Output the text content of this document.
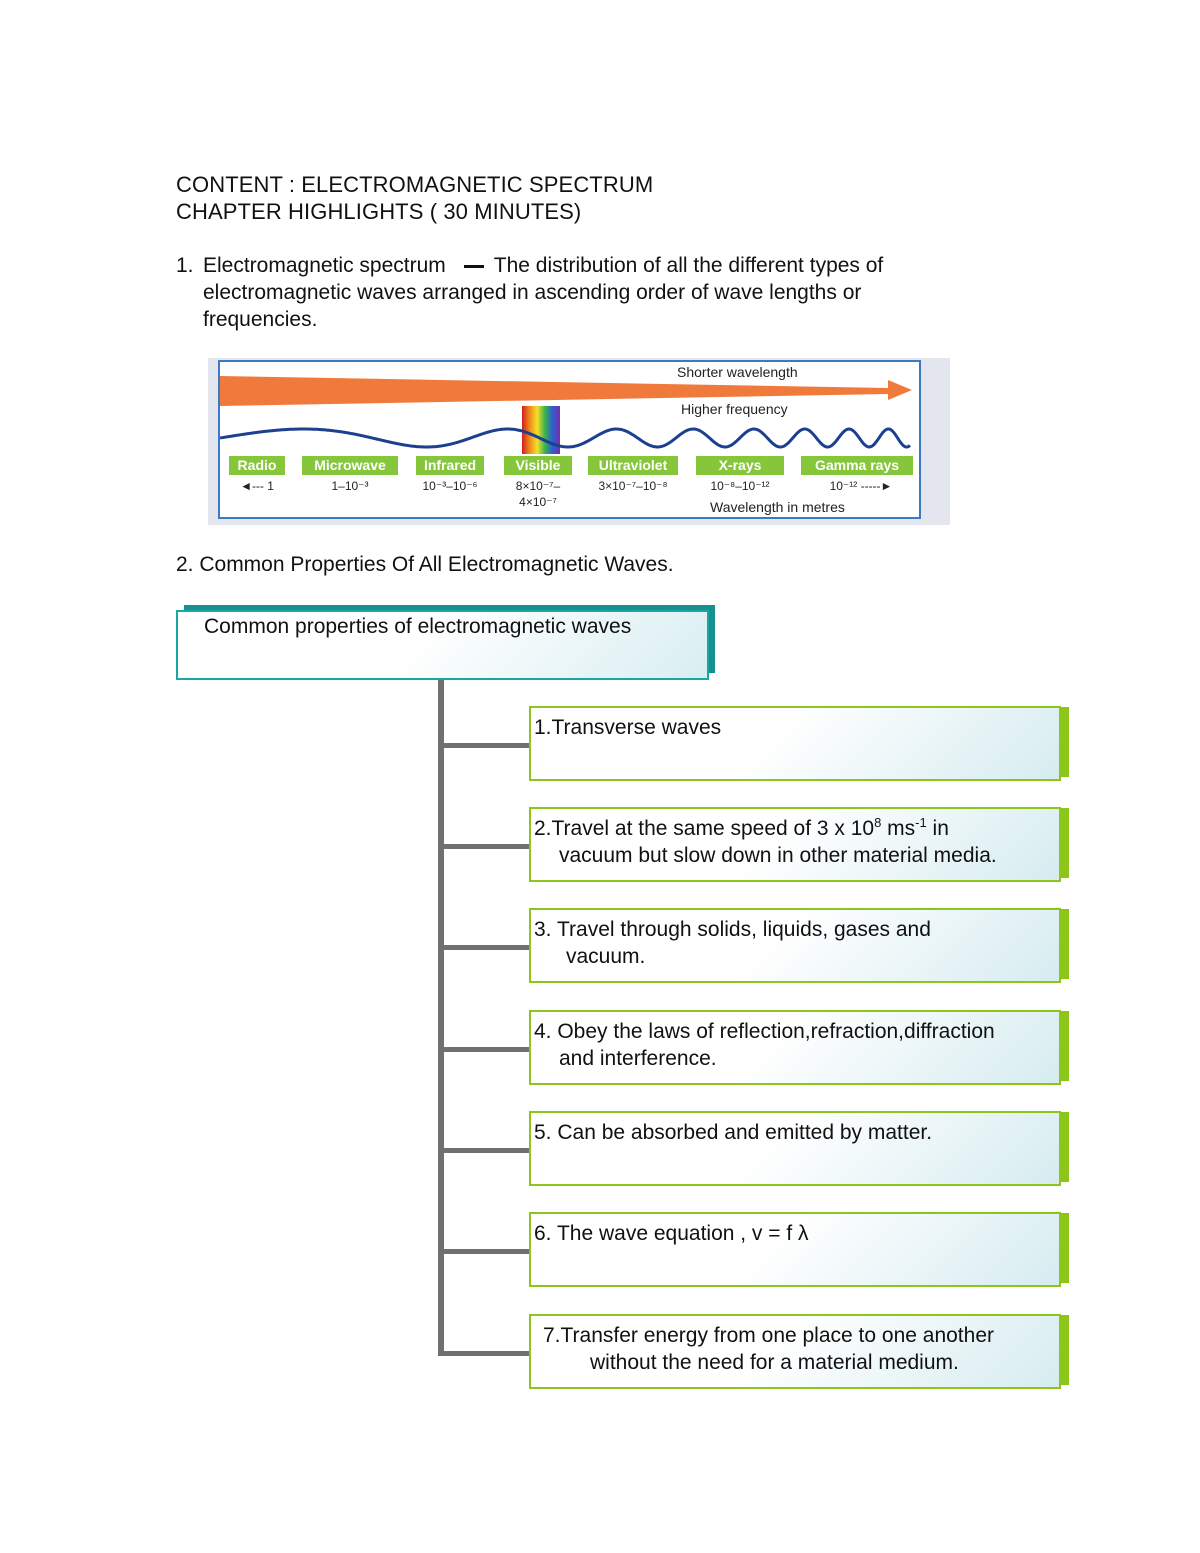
CONTENT : ELECTROMAGNETIC SPECTRUM
CHAPTER HIGHLIGHTS ( 30 MINUTES)
1. Electromagnetic spectrum The distribution of all the different types of
electromagnetic waves arranged in ascending order of wave lengths or
frequencies.
Shorter wavelength
Higher frequency
Radio	Microwave	Infrared	Visible	Ultraviolet	X-rays	Gamma rays
◄--- 1	1–10⁻³	10⁻³–10⁻⁶	8×10⁻⁷–
4×10⁻⁷
3×10⁻⁷–10⁻⁸	10⁻⁸–10⁻¹²	10⁻¹² -----►
Wavelength in metres
2. Common Properties Of All Electromagnetic Waves.
Common properties of electromagnetic waves
1.Transverse waves
2.Travel at the same speed of 3 x $10^8$ $ms^{-1}$ in
vacuum but slow down in other material media.
3. Travel through solids, liquids, gases and
vacuum.
4. Obey the laws of reflection,refraction,diffraction
and interference.
5. Can be absorbed and emitted by matter.
6. The wave equation , v = f λ
7.Transfer energy from one place to one another
without the need for a material medium.
